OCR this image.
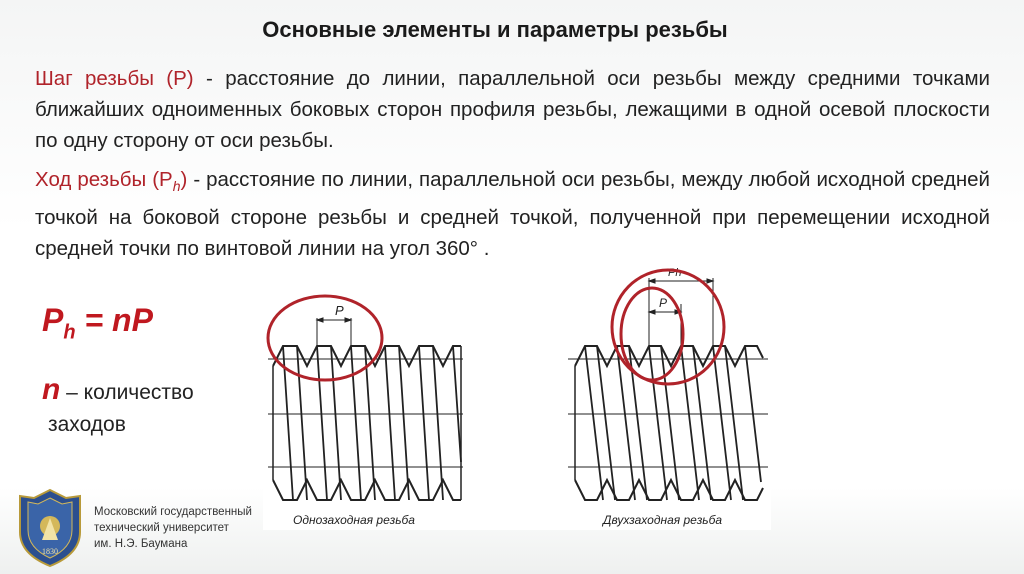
Основные элементы и параметры резьбы
Шаг резьбы (P) - расстояние до линии, параллельной оси резьбы между средними точками ближайших одноименных боковых сторон профиля резьбы, лежащими в одной осевой плоскости по одну сторону от оси резьбы.
Ход резьбы $(P_h)$ - расстояние по линии, параллельной оси резьбы, между любой исходной средней точкой на боковой стороне резьбы и средней точкой, полученной при перемещении исходной средней точки по винтовой линии на угол 360° .
$P_h$ = nP
n – количество
заходов
P
Однозаходная резьба
P
Ph
Двухзаходная резьба
1830
Московский государственный
технический университет
им. Н.Э. Баумана
